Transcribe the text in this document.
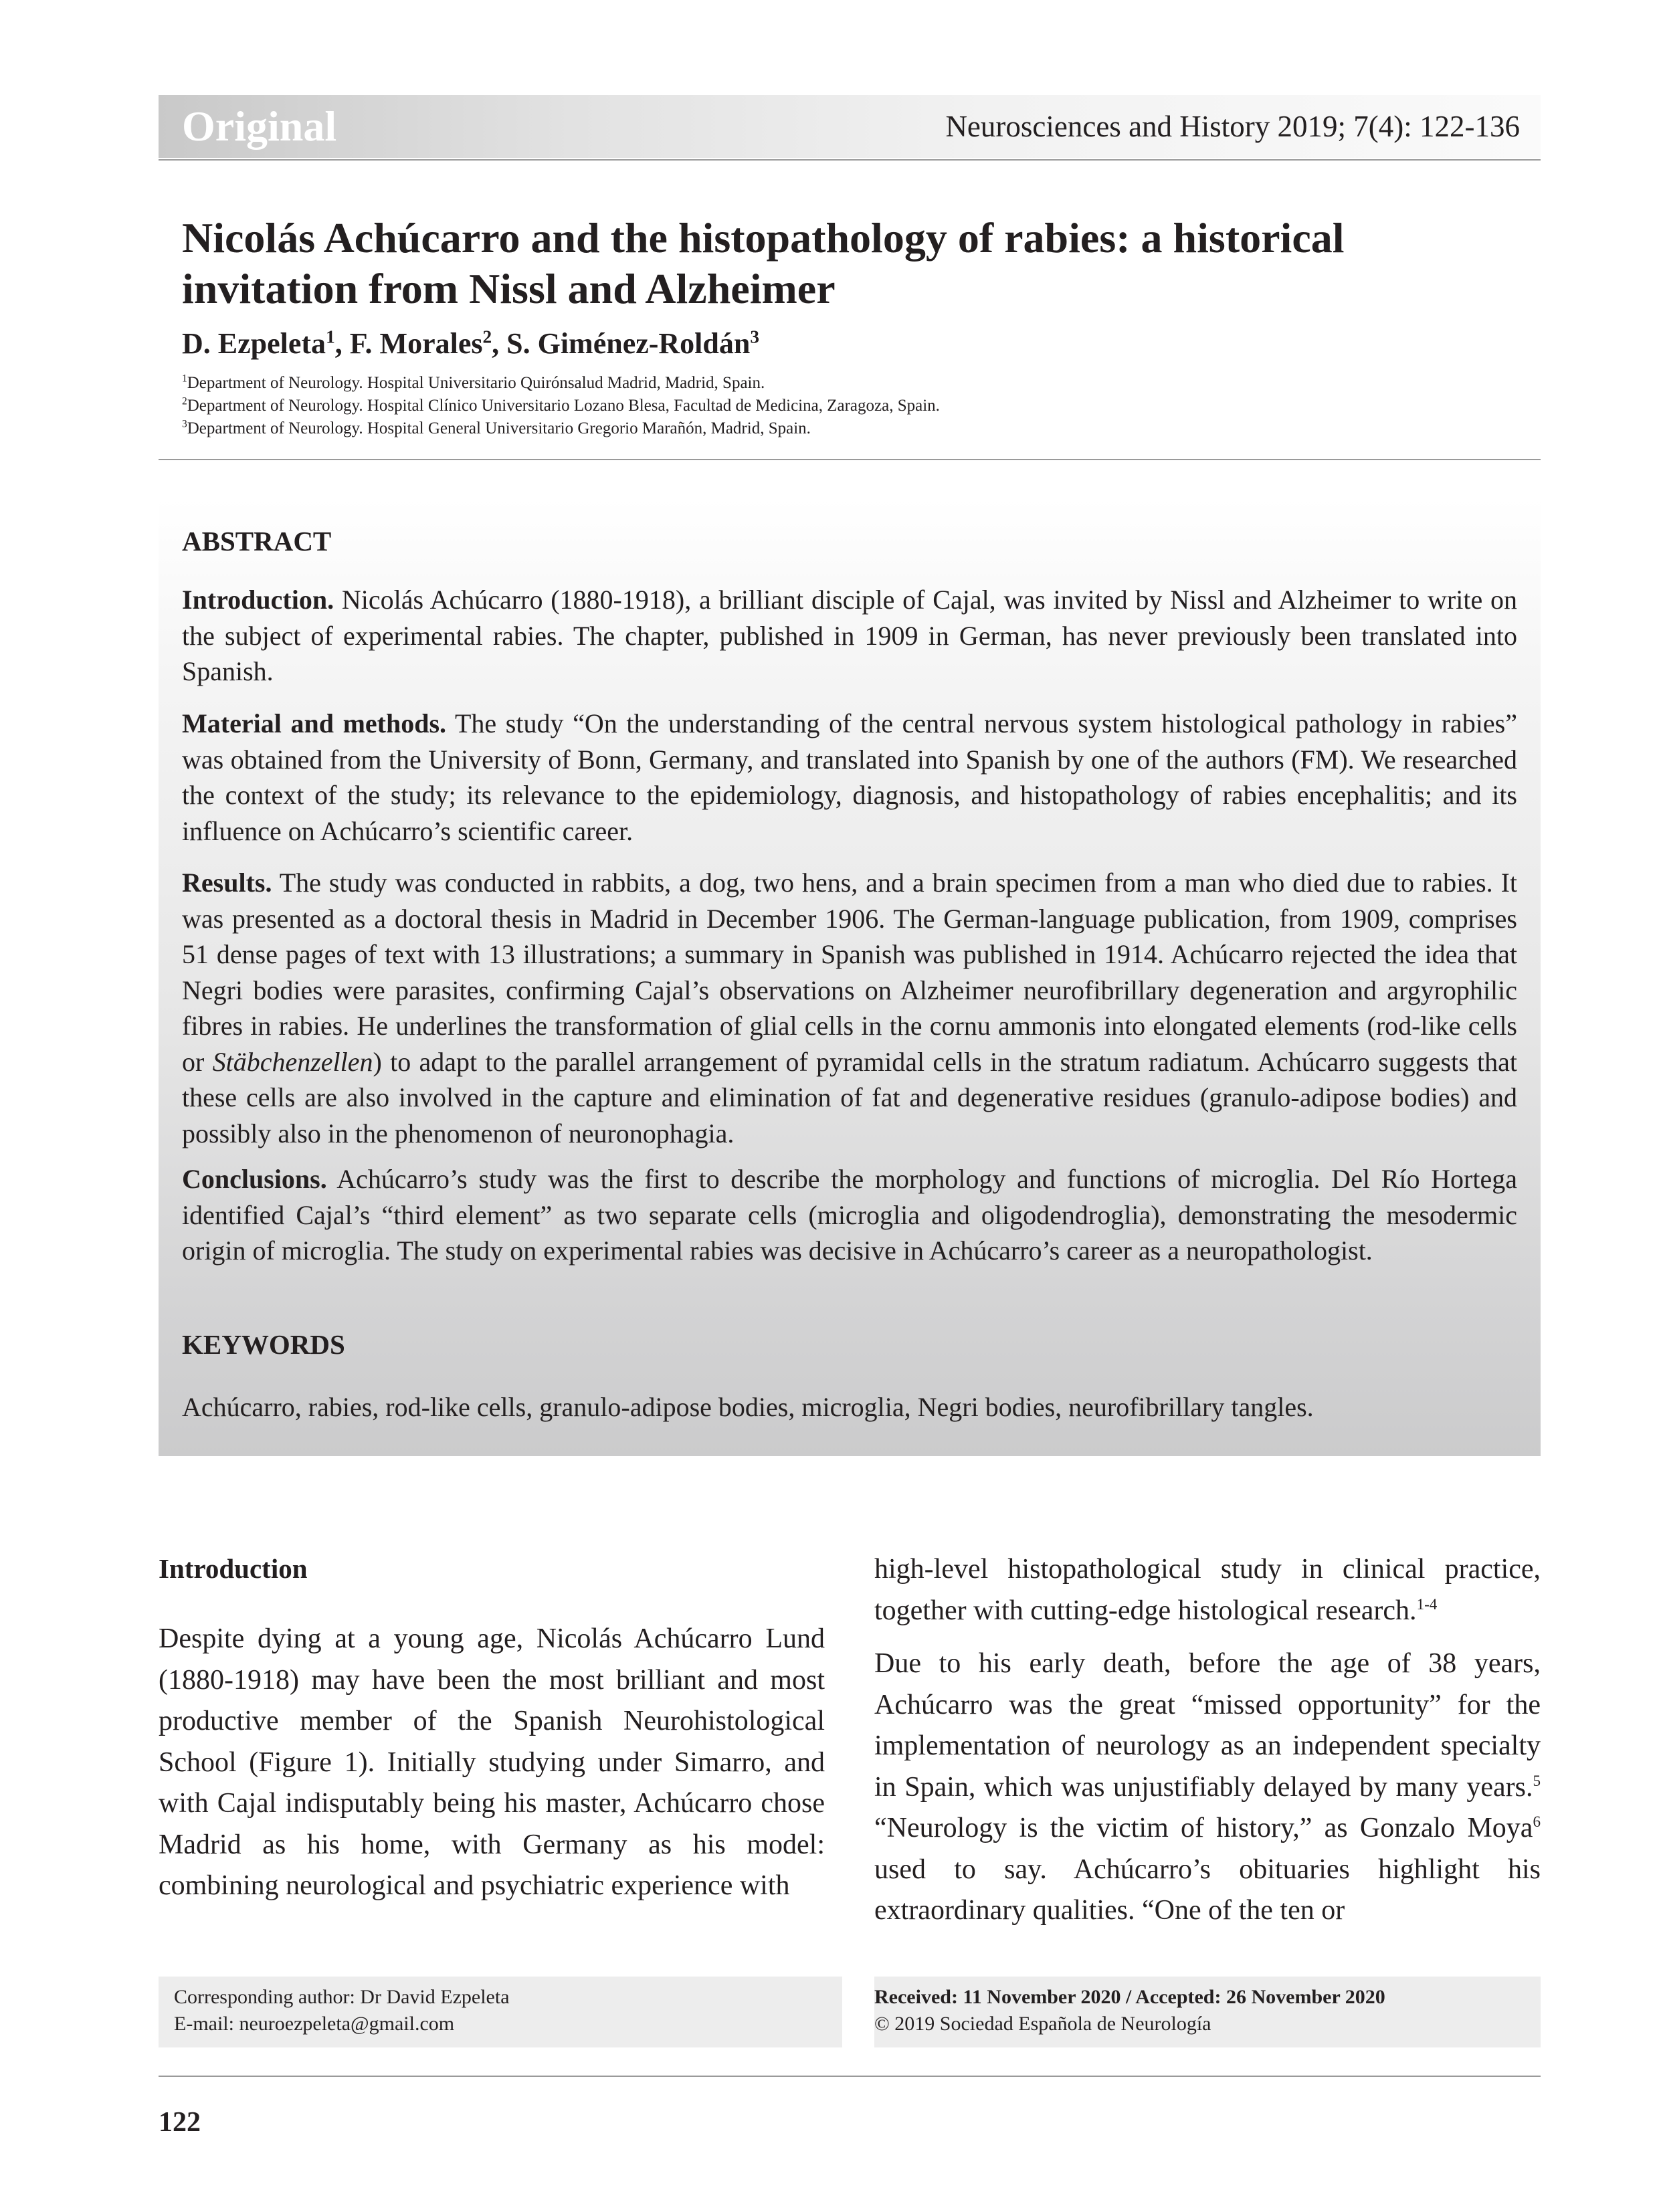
Original	Neurosciences and History 2019; 7(4): 122-136
Nicolás Achúcarro and the histopathology of rabies: a historical invitation from Nissl and Alzheimer
D. Ezpeleta$^1$, F. Morales$^2$, S. Giménez-Roldán$^3$
$^1$Department of Neurology. Hospital Universitario Quirónsalud Madrid, Madrid, Spain.
$^2$Department of Neurology. Hospital Clínico Universitario Lozano Blesa, Facultad de Medicina, Zaragoza, Spain.
$^3$Department of Neurology. Hospital General Universitario Gregorio Marañón, Madrid, Spain.
ABSTRACT

Introduction. Nicolás Achúcarro (1880-1918), a brilliant disciple of Cajal, was invited by Nissl and Alzheimer to write on the subject of experimental rabies. The chapter, published in 1909 in German, has never previously been translated into Spanish.

Material and methods. The study “On the understanding of the central nervous system histological pathology in rabies” was obtained from the University of Bonn, Germany, and translated into Spanish by one of the authors (FM). We researched the context of the study; its relevance to the epidemiology, diagnosis, and histopathology of rabies encephalitis; and its influence on Achúcarro’s scientific career.

Results. The study was conducted in rabbits, a dog, two hens, and a brain specimen from a man who died due to rabies. It was presented as a doctoral thesis in Madrid in December 1906. The German-language publication, from 1909, comprises 51 dense pages of text with 13 illustrations; a summary in Spanish was published in 1914. Achúcarro rejected the idea that Negri bodies were parasites, confirming Cajal’s observations on Alzheimer neurofibrillary degeneration and argyrophilic fibres in rabies. He underlines the transformation of glial cells in the cornu ammonis into elongated elements (rod-like cells or Stäbchenzellen) to adapt to the parallel arrangement of pyramidal cells in the stratum radiatum. Achúcarro suggests that these cells are also involved in the capture and elimination of fat and degenerative residues (granulo-adipose bodies) and possibly also in the phenomenon of neuronophagia.

Conclusions. Achúcarro’s study was the first to describe the morphology and functions of microglia. Del Río Hortega identified Cajal’s “third element” as two separate cells (microglia and oligodendroglia), demonstrating the mesodermic origin of microglia. The study on experimental rabies was decisive in Achúcarro’s career as a neuropathologist.

KEYWORDS

Achúcarro, rabies, rod-like cells, granulo-adipose bodies, microglia, Negri bodies, neurofibrillary tangles.

Introduction

Despite dying at a young age, Nicolás Achúcarro Lund (1880-1918) may have been the most brilliant and most productive member of the Spanish Neurohistological School (Figure 1). Initially studying under Simarro, and with Cajal indisputably being his master, Achúcarro chose Madrid as his home, with Germany as his model: combining neurological and psychiatric experience with

high-level histopathological study in clinical practice, together with cutting-edge histological research.$^{1-4}$

Due to his early death, before the age of 38 years, Achúcarro was the great “missed opportunity” for the implementation of neurology as an independent specialty in Spain, which was unjustifiably delayed by many years.$^5$ “Neurology is the victim of history,” as Gonzalo Moya$^6$ used to say. Achúcarro’s obituaries highlight his extraordinary qualities. “One of the ten or

Corresponding author: Dr David Ezpeleta
E-mail: neuroezpeleta@gmail.com
Received: 11 November 2020 / Accepted: 26 November 2020
© 2019 Sociedad Española de Neurología
122
